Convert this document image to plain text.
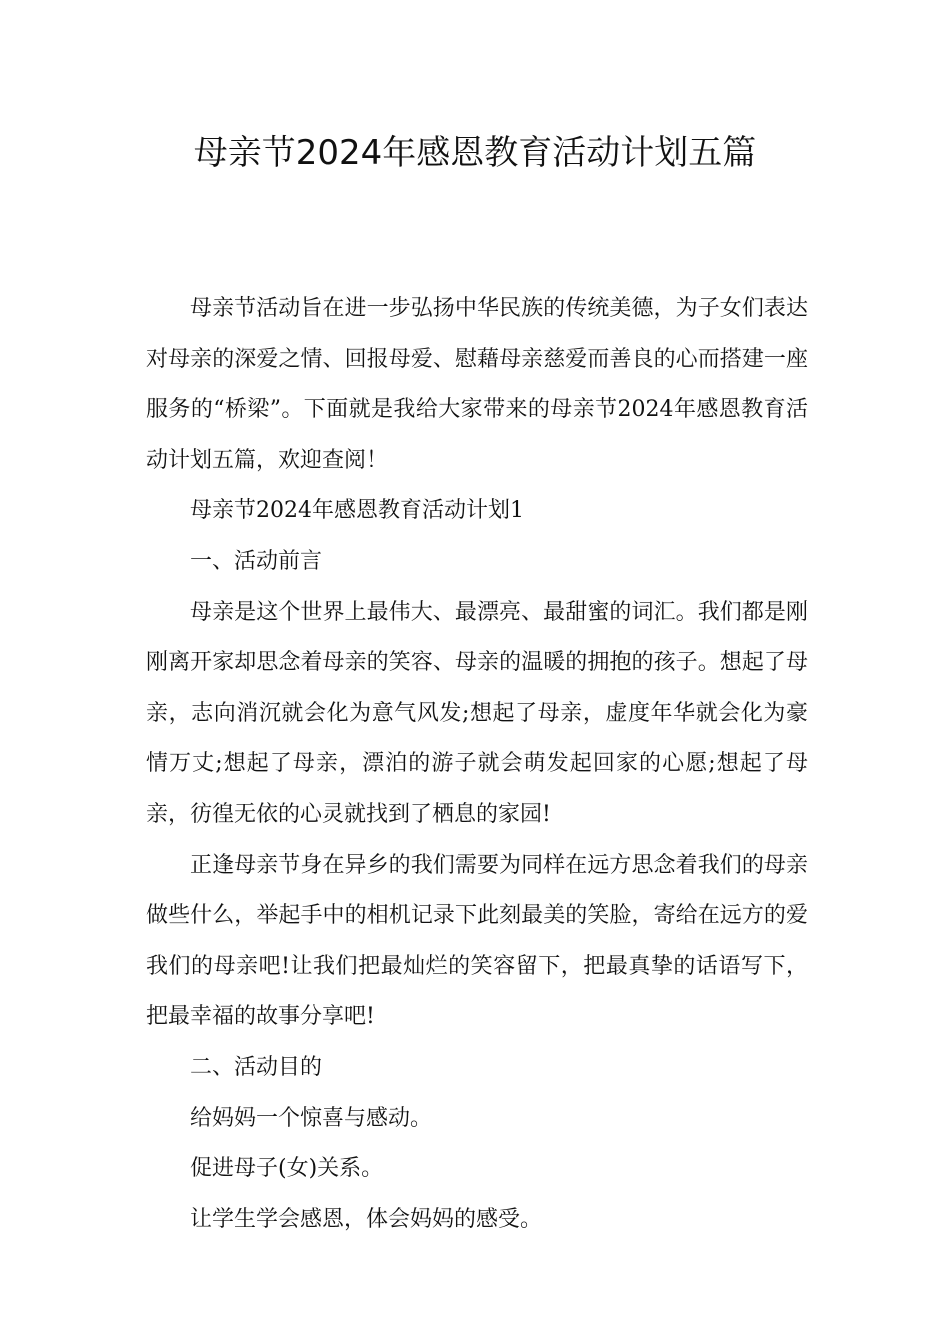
母亲节2024年感恩教育活动计划五篇

母亲节活动旨在进一步弘扬中华民族的传统美德，为子女们表达对母亲的深爱之情、回报母爱、慰藉母亲慈爱而善良的心而搭建一座服务的“桥梁”。下面就是我给大家带来的母亲节2024年感恩教育活动计划五篇，欢迎查阅！

母亲节2024年感恩教育活动计划1

一、活动前言

母亲是这个世界上最伟大、最漂亮、最甜蜜的词汇。我们都是刚刚离开家却思念着母亲的笑容、母亲的温暖的拥抱的孩子。想起了母亲，志向消沉就会化为意气风发;想起了母亲，虚度年华就会化为豪情万丈;想起了母亲，漂泊的游子就会萌发起回家的心愿;想起了母亲，彷徨无依的心灵就找到了栖息的家园!

正逢母亲节身在异乡的我们需要为同样在远方思念着我们的母亲做些什么，举起手中的相机记录下此刻最美的笑脸，寄给在远方的爱我们的母亲吧!让我们把最灿烂的笑容留下，把最真挚的话语写下，把最幸福的故事分享吧!

二、活动目的

给妈妈一个惊喜与感动。

促进母子(女)关系。

让学生学会感恩，体会妈妈的感受。
